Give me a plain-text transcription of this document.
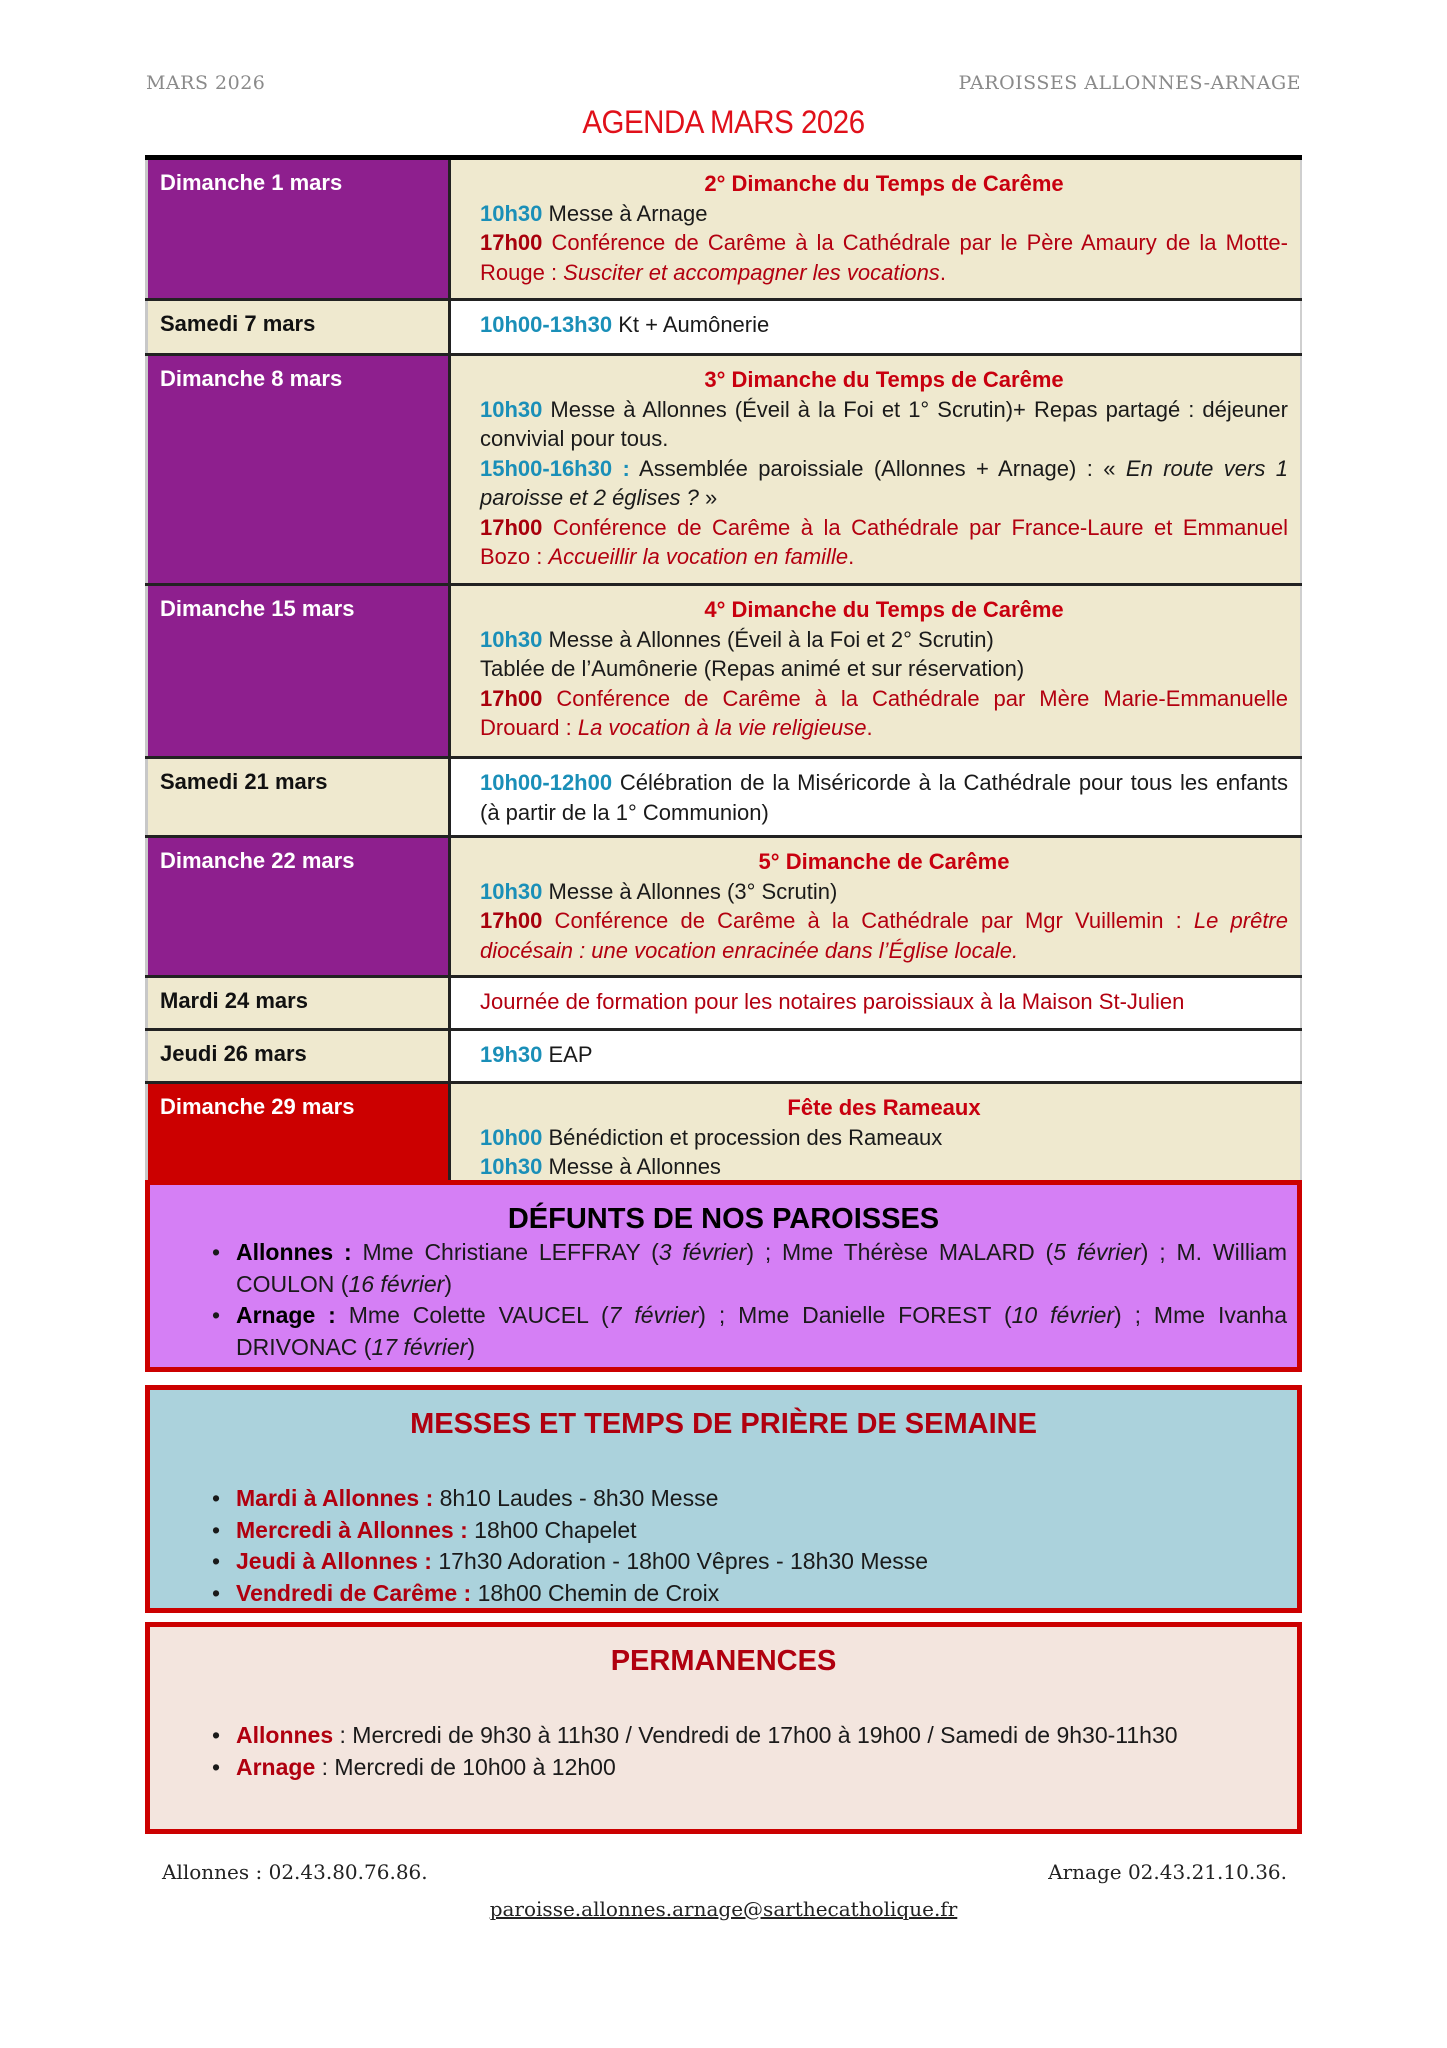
MARS 2026	PAROISSES ALLONNES-ARNAGE
AGENDA MARS 2026
Dimanche 1 mars	2° Dimanche du Temps de Carême
10h30 Messe à Arnage
17h00 Conférence de Carême à la Cathédrale par le Père Amaury de la Motte-Rouge : Susciter et accompagner les vocations.
Samedi 7 mars	10h00-13h30 Kt + Aumônerie
Dimanche 8 mars	3° Dimanche du Temps de Carême
10h30 Messe à Allonnes (Éveil à la Foi et 1° Scrutin)+ Repas partagé : déjeuner convivial pour tous.
15h00-16h30 : Assemblée paroissiale (Allonnes + Arnage) : « En route vers 1 paroisse et 2 églises ? »
17h00 Conférence de Carême à la Cathédrale par France-Laure et Emmanuel Bozo : Accueillir la vocation en famille.
Dimanche 15 mars	4° Dimanche du Temps de Carême
10h30 Messe à Allonnes (Éveil à la Foi et 2° Scrutin)
Tablée de l’Aumônerie (Repas animé et sur réservation)
17h00 Conférence de Carême à la Cathédrale par Mère Marie-Emmanuelle Drouard : La vocation à la vie religieuse.
Samedi 21 mars	10h00-12h00 Célébration de la Miséricorde à la Cathédrale pour tous les enfants (à partir de la 1° Communion)
Dimanche 22 mars	5° Dimanche de Carême
10h30 Messe à Allonnes (3° Scrutin)
17h00 Conférence de Carême à la Cathédrale par Mgr Vuillemin : Le prêtre diocésain : une vocation enracinée dans l’Église locale.
Mardi 24 mars	Journée de formation pour les notaires paroissiaux à la Maison St-Julien
Jeudi 26 mars	19h30 EAP
Dimanche 29 mars	Fête des Rameaux
10h00 Bénédiction et procession des Rameaux
10h30 Messe à Allonnes
DÉFUNTS DE NOS PAROISSES
• Allonnes : Mme Christiane LEFFRAY (3 février) ; Mme Thérèse MALARD (5 février) ; M. William COULON (16 février)
• Arnage : Mme Colette VAUCEL (7 février) ; Mme Danielle FOREST (10 février) ; Mme Ivanha DRIVONAC (17 février)
MESSES ET TEMPS DE PRIÈRE DE SEMAINE
• Mardi à Allonnes : 8h10 Laudes - 8h30 Messe
• Mercredi à Allonnes : 18h00 Chapelet
• Jeudi à Allonnes : 17h30 Adoration - 18h00 Vêpres - 18h30 Messe
• Vendredi de Carême : 18h00 Chemin de Croix
PERMANENCES
• Allonnes : Mercredi de 9h30 à 11h30 / Vendredi de 17h00 à 19h00 / Samedi de 9h30-11h30
• Arnage : Mercredi de 10h00 à 12h00
Allonnes : 02.43.80.76.86.	Arnage 02.43.21.10.36.
paroisse.allonnes.arnage@sarthecatholique.fr
